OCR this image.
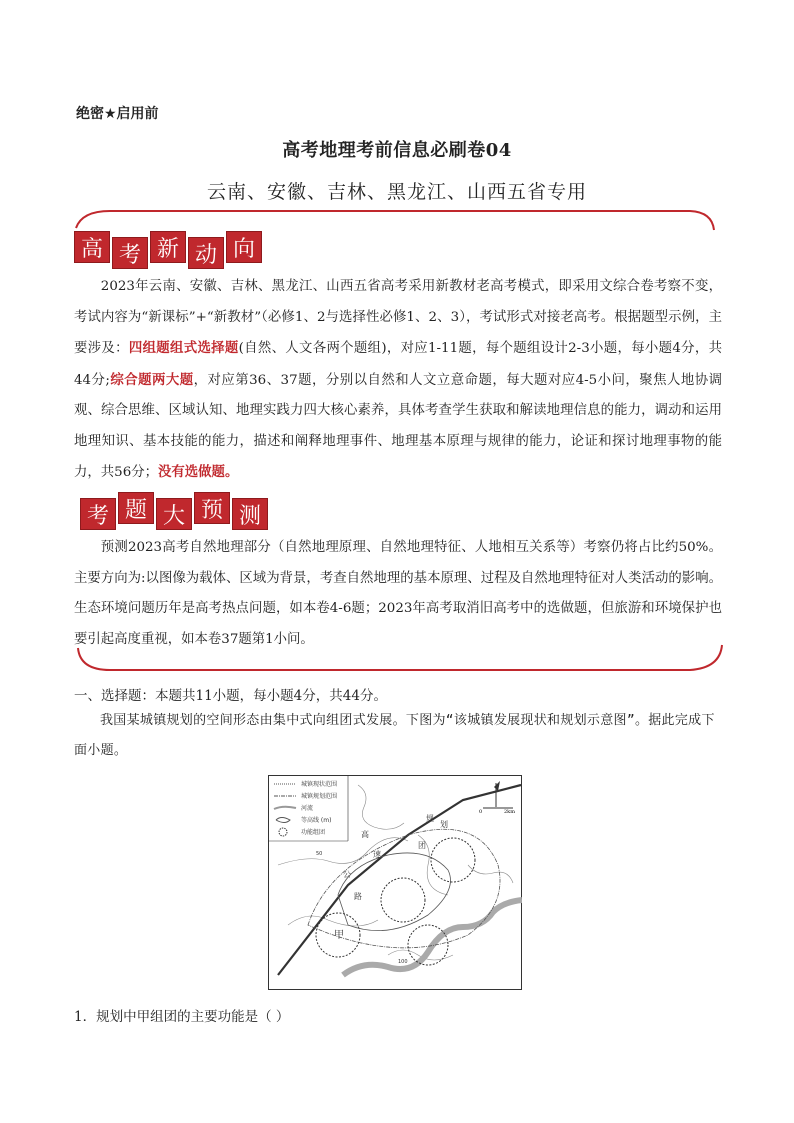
绝密★启用前
高考地理考前信息必刷卷04
云南、安徽、吉林、黑龙江、山西五省专用
高 考 新 动 向

2023年云南、安徽、吉林、黑龙江、山西五省高考采用新教材老高考模式，即采用文综合卷考察不变，考试内容为“新课标”+“新教材”（必修1、2与选择性必修1、2、3），考试形式对接老高考。根据题型示例，主要涉及：四组题组式选择题(自然、人文各两个题组)，对应1-11题，每个题组设计2-3小题，每小题4分，共44分;综合题两大题，对应第36、37题，分别以自然和人文立意命题，每大题对应4-5小问，聚焦人地协调观、综合思维、区域认知、地理实践力四大核心素养，具体考查学生获取和解读地理信息的能力，调动和运用地理知识、基本技能的能力，描述和阐释地理事件、地理基本原理与规律的能力，论证和探讨地理事物的能力，共56分；没有选做题。

考 题 大 预 测

预测2023高考自然地理部分（自然地理原理、自然地理特征、人地相互关系等）考察仍将占比约50%。主要方向为:以图像为载体、区域为背景，考查自然地理的基本原理、过程及自然地理特征对人类活动的影响。生态环境问题历年是高考热点问题，如本卷4-6题；2023年高考取消旧高考中的选做题，但旅游和环境保护也要引起高度重视，如本卷37题第1小问。

一、选择题：本题共11小题，每小题4分，共44分。

我国某城镇规划的空间形态由集中式向组团式发展。下图为“该城镇发展现状和规划示意图”。据此完成下面小题。

城镇现状范围
城镇规划范围
河流
等高线 (m)
功能组团
0	2km
高
速
公
路
规
划
团
甲
50
100
1．规划中甲组团的主要功能是（ ）
